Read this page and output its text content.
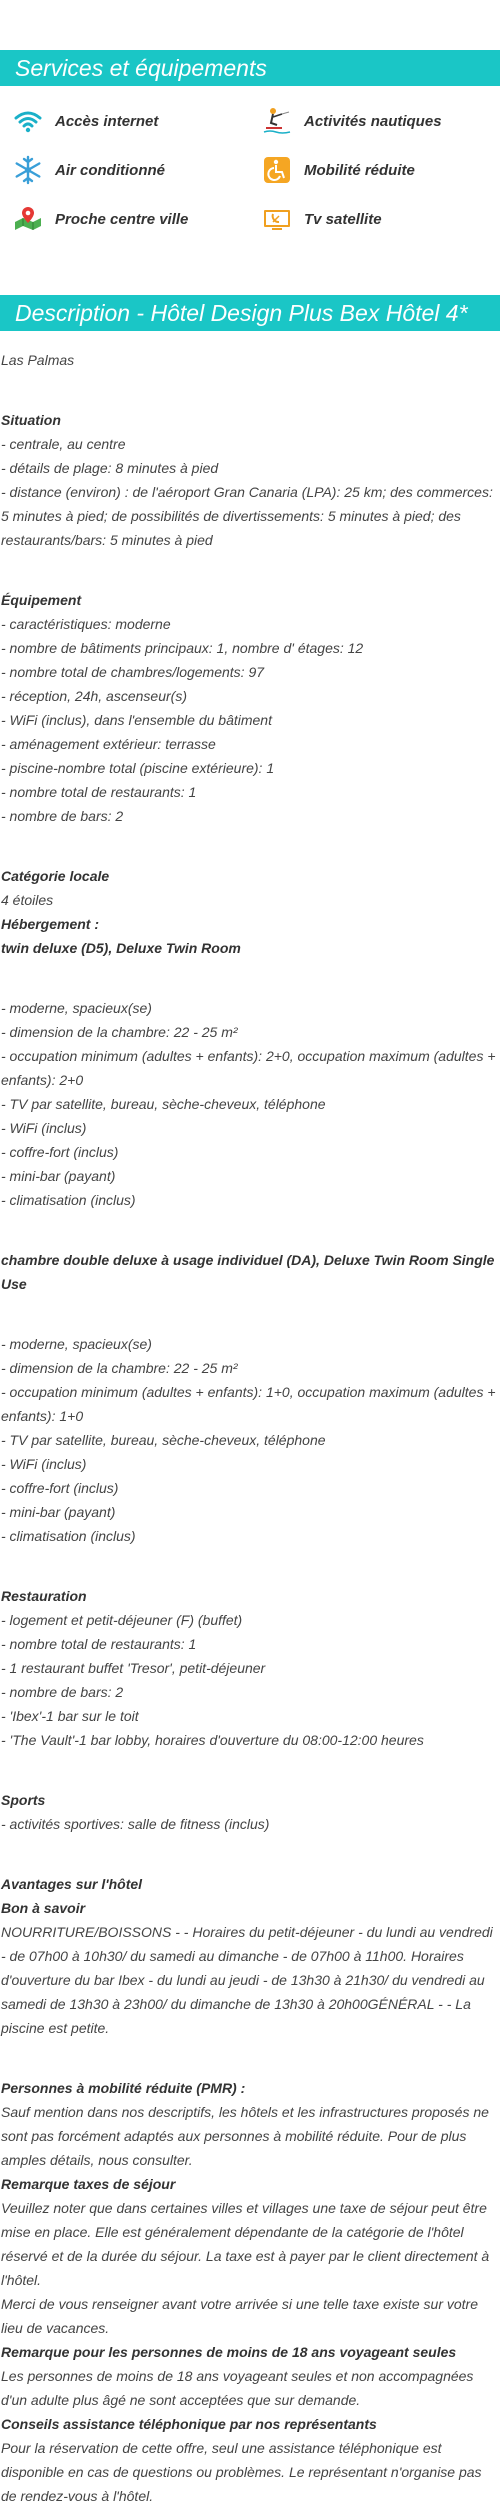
Services et équipements
Accès internet	Activités nautiques
Air conditionné	Mobilité réduite
Proche centre ville	Tv satellite
Description - Hôtel Design Plus Bex Hôtel 4*

Las Palmas

Situation

- centrale, au centre

- détails de plage: 8 minutes à pied

- distance (environ) : de l'aéroport Gran Canaria (LPA): 25 km; des commerces: 5 minutes à pied; de possibilités de divertissements: 5 minutes à pied; des restaurants/bars: 5 minutes à pied

Équipement

- caractéristiques: moderne

- nombre de bâtiments principaux: 1, nombre d' étages: 12

- nombre total de chambres/logements: 97

- réception, 24h, ascenseur(s)

- WiFi (inclus), dans l'ensemble du bâtiment

- aménagement extérieur: terrasse

- piscine-nombre total (piscine extérieure): 1

- nombre total de restaurants: 1

- nombre de bars: 2

Catégorie locale

4 étoiles

Hébergement :

twin deluxe (D5), Deluxe Twin Room

- moderne, spacieux(se)

- dimension de la chambre: 22 - 25 m²

- occupation minimum (adultes + enfants): 2+0, occupation maximum (adultes + enfants): 2+0

- TV par satellite, bureau, sèche-cheveux, téléphone

- WiFi (inclus)

- coffre-fort (inclus)

- mini-bar (payant)

- climatisation (inclus)

chambre double deluxe à usage individuel (DA), Deluxe Twin Room Single Use

- moderne, spacieux(se)

- dimension de la chambre: 22 - 25 m²

- occupation minimum (adultes + enfants): 1+0, occupation maximum (adultes + enfants): 1+0

- TV par satellite, bureau, sèche-cheveux, téléphone

- WiFi (inclus)

- coffre-fort (inclus)

- mini-bar (payant)

- climatisation (inclus)

Restauration

- logement et petit-déjeuner (F) (buffet)

- nombre total de restaurants: 1

- 1 restaurant buffet 'Tresor', petit-déjeuner

- nombre de bars: 2

- 'Ibex'-1 bar sur le toit

- 'The Vault'-1 bar lobby, horaires d'ouverture du 08:00-12:00 heures

Sports

- activités sportives: salle de fitness (inclus)

Avantages sur l'hôtel

Bon à savoir

NOURRITURE/BOISSONS - - Horaires du petit-déjeuner - du lundi au vendredi - de 07h00 à 10h30/ du samedi au dimanche - de 07h00 à 11h00. Horaires d'ouverture du bar Ibex - du lundi au jeudi - de 13h30 à 21h30/ du vendredi au samedi de 13h30 à 23h00/ du dimanche de 13h30 à 20h00GÉNÉRAL - - La piscine est petite.

Personnes à mobilité réduite (PMR) :

Sauf mention dans nos descriptifs, les hôtels et les infrastructures proposés ne sont pas forcément adaptés aux personnes à mobilité réduite. Pour de plus amples détails, nous consulter.

Remarque taxes de séjour

Veuillez noter que dans certaines villes et villages une taxe de séjour peut être mise en place. Elle est généralement dépendante de la catégorie de l'hôtel réservé et de la durée du séjour. La taxe est à payer par le client directement à l'hôtel.

Merci de vous renseigner avant votre arrivée si une telle taxe existe sur votre lieu de vacances.

Remarque pour les personnes de moins de 18 ans voyageant seules

Les personnes de moins de 18 ans voyageant seules et non accompagnées d'un adulte plus âgé ne sont acceptées que sur demande.

Conseils assistance téléphonique par nos représentants

Pour la réservation de cette offre, seul une assistance téléphonique est disponible en cas de questions ou problèmes. Le représentant n'organise pas de rendez-vous à l'hôtel.
